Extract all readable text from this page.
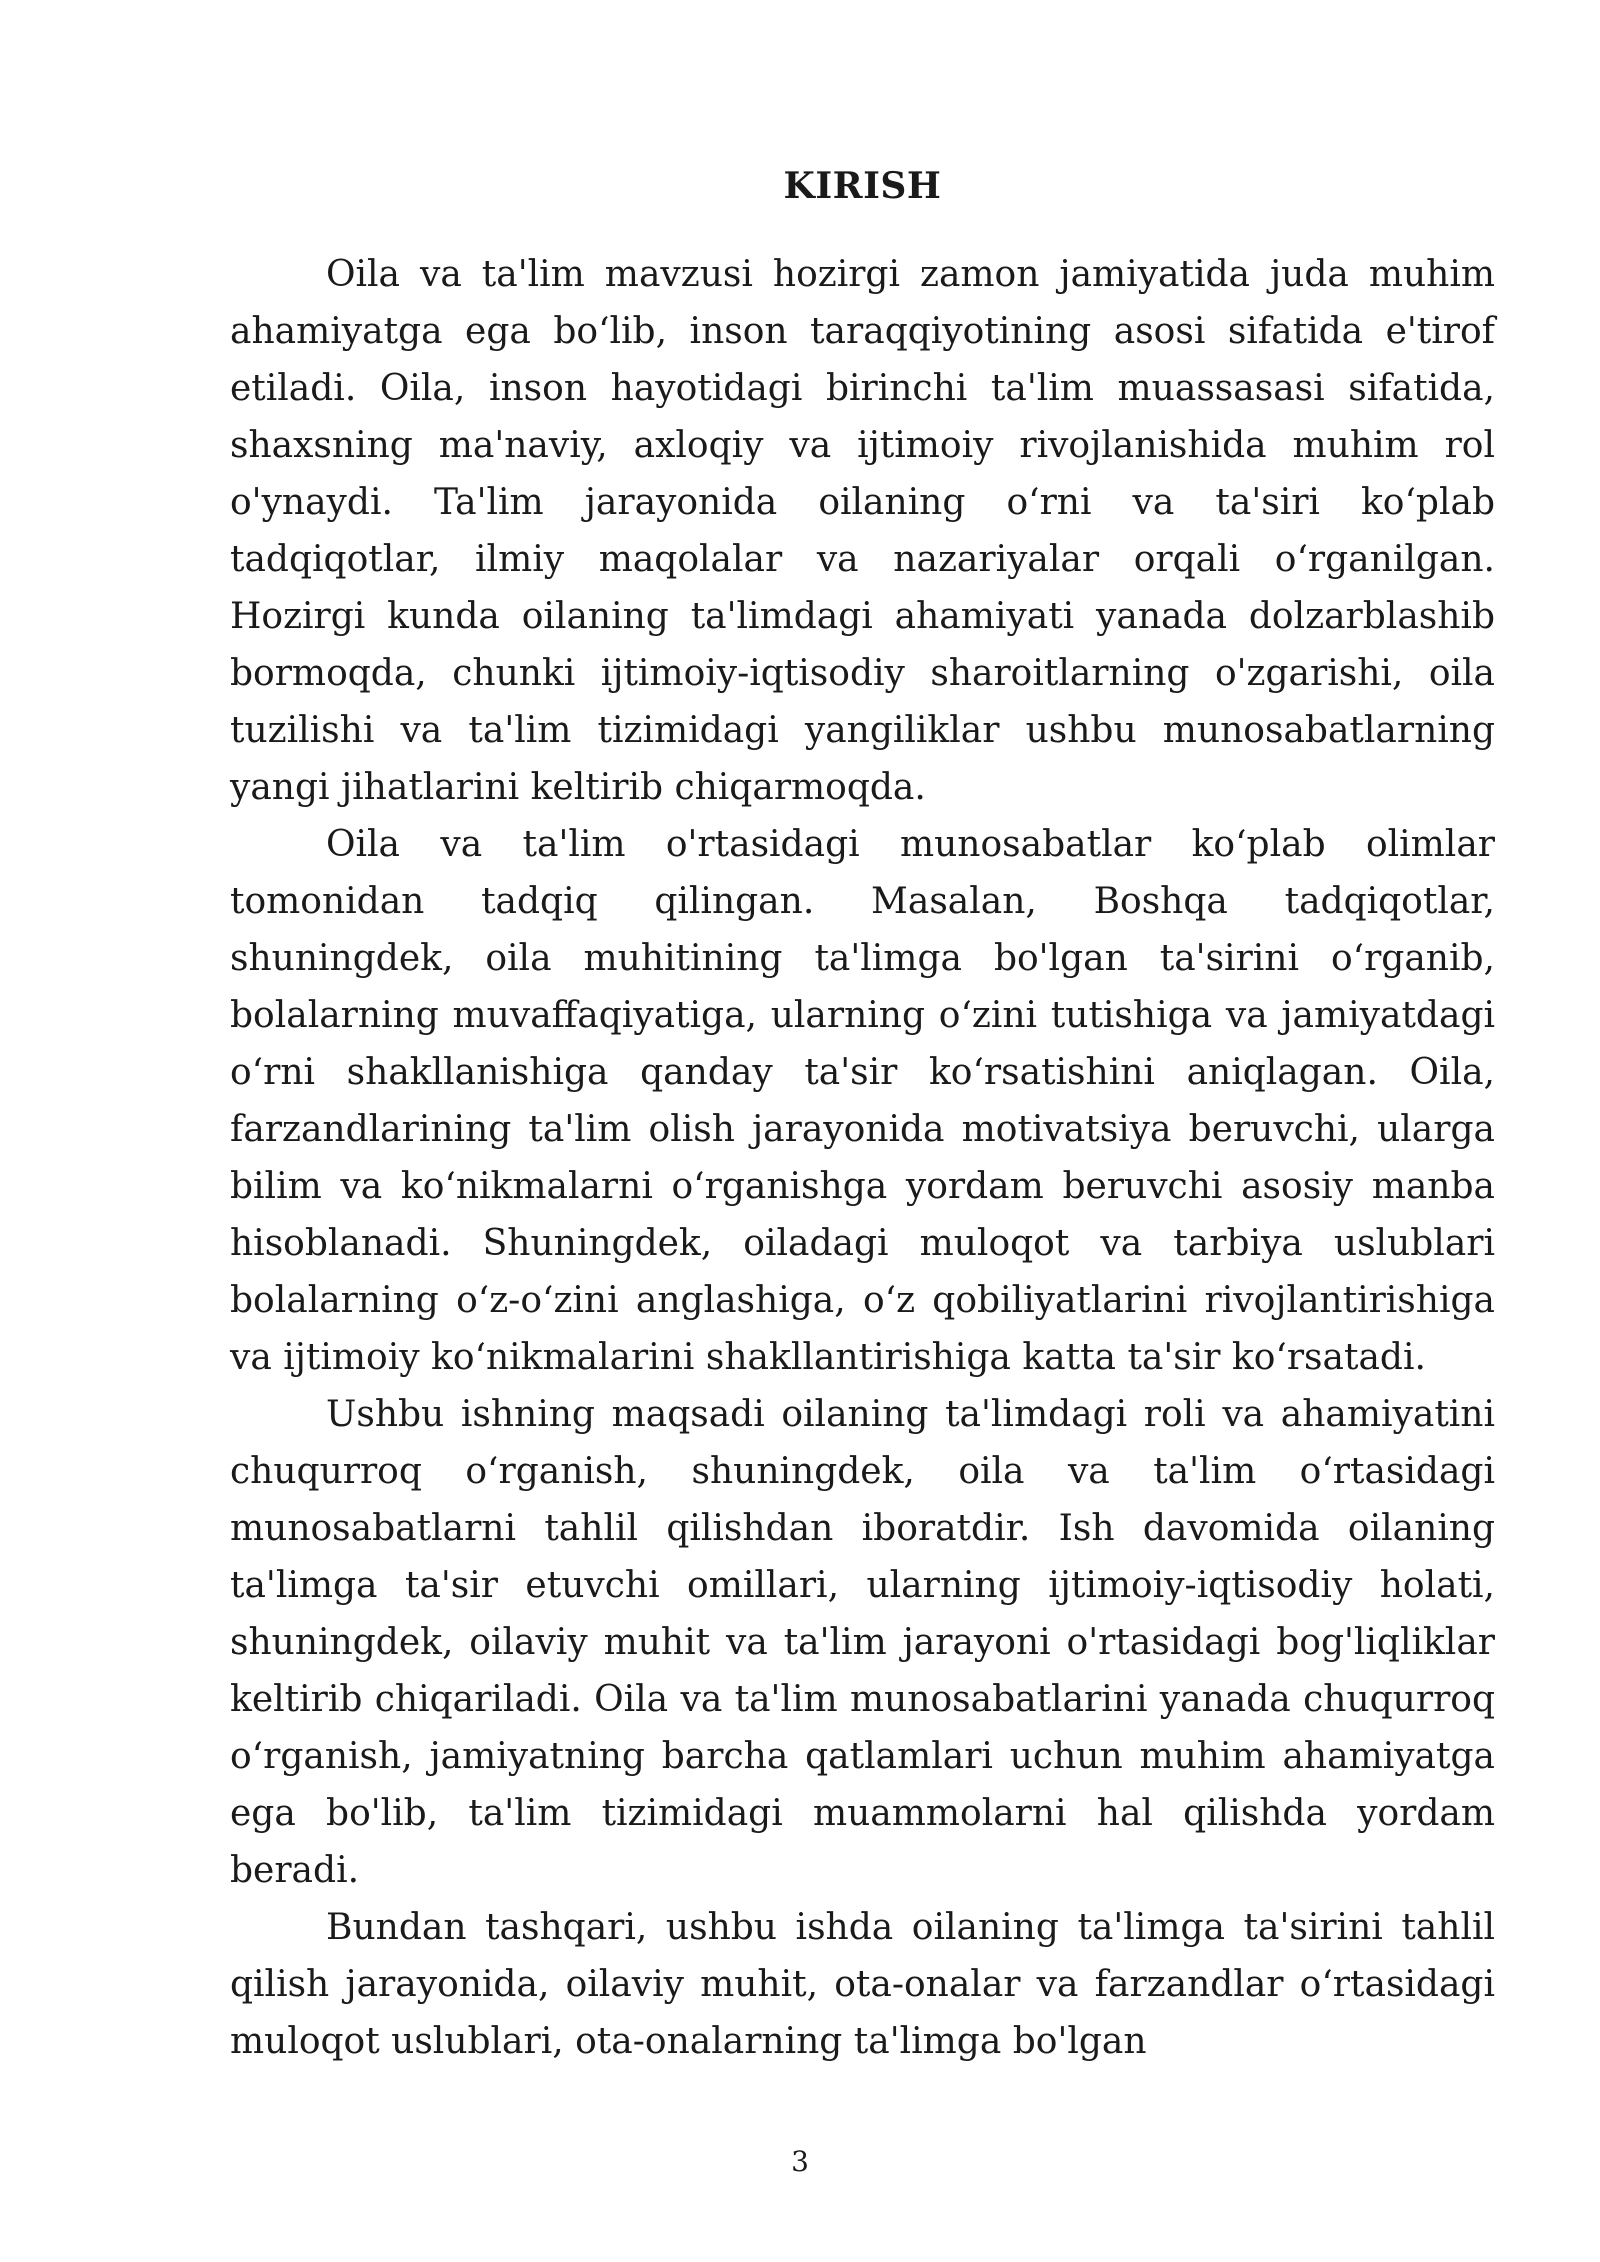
KIRISH

Oila va ta'lim mavzusi hozirgi zamon jamiyatida juda muhim ahamiyatga ega boʻlib, inson taraqqiyotining asosi sifatida e'tirof etiladi. Oila, inson hayotidagi birinchi ta'lim muassasasi sifatida, shaxsning ma'naviy, axloqiy va ijtimoiy rivojlanishida muhim rol o'ynaydi. Ta'lim jarayonida oilaning oʻrni va ta'siri koʻplab tadqiqotlar, ilmiy maqolalar va nazariyalar orqali oʻrganilgan. Hozirgi kunda oilaning ta'limdagi ahamiyati yanada dolzarblashib bormoqda, chunki ijtimoiy-iqtisodiy sharoitlarning o'zgarishi, oila tuzilishi va ta'lim tizimidagi yangiliklar ushbu munosabatlarning yangi jihatlarini keltirib chiqarmoqda.

Oila va ta'lim o'rtasidagi munosabatlar koʻplab olimlar tomonidan tadqiq qilingan. Masalan, Boshqa tadqiqotlar, shuningdek, oila muhitining ta'limga bo'lgan ta'sirini oʻrganib, bolalarning muvaffaqiyatiga, ularning oʻzini tutishiga va jamiyatdagi oʻrni shakllanishiga qanday ta'sir koʻrsatishini aniqlagan. Oila, farzandlarining ta'lim olish jarayonida motivatsiya beruvchi, ularga bilim va koʻnikmalarni oʻrganishga yordam beruvchi asosiy manba hisoblanadi. Shuningdek, oiladagi muloqot va tarbiya uslublari bolalarning oʻz-oʻzini anglashiga, oʻz qobiliyatlarini rivojlantirishiga va ijtimoiy koʻnikmalarini shakllantirishiga katta ta'sir koʻrsatadi.

Ushbu ishning maqsadi oilaning ta'limdagi roli va ahamiyatini chuqurroq oʻrganish, shuningdek, oila va ta'lim oʻrtasidagi munosabatlarni tahlil qilishdan iboratdir. Ish davomida oilaning ta'limga ta'sir etuvchi omillari, ularning ijtimoiy-iqtisodiy holati, shuningdek, oilaviy muhit va ta'lim jarayoni o'rtasidagi bog'liqliklar keltirib chiqariladi. Oila va ta'lim munosabatlarini yanada chuqurroq oʻrganish, jamiyatning barcha qatlamlari uchun muhim ahamiyatga ega bo'lib, ta'lim tizimidagi muammolarni hal qilishda yordam beradi.

Bundan tashqari, ushbu ishda oilaning ta'limga ta'sirini tahlil qilish jarayonida, oilaviy muhit, ota-onalar va farzandlar oʻrtasidagi muloqot uslublari, ota-onalarning ta'limga bo'lgan

3
